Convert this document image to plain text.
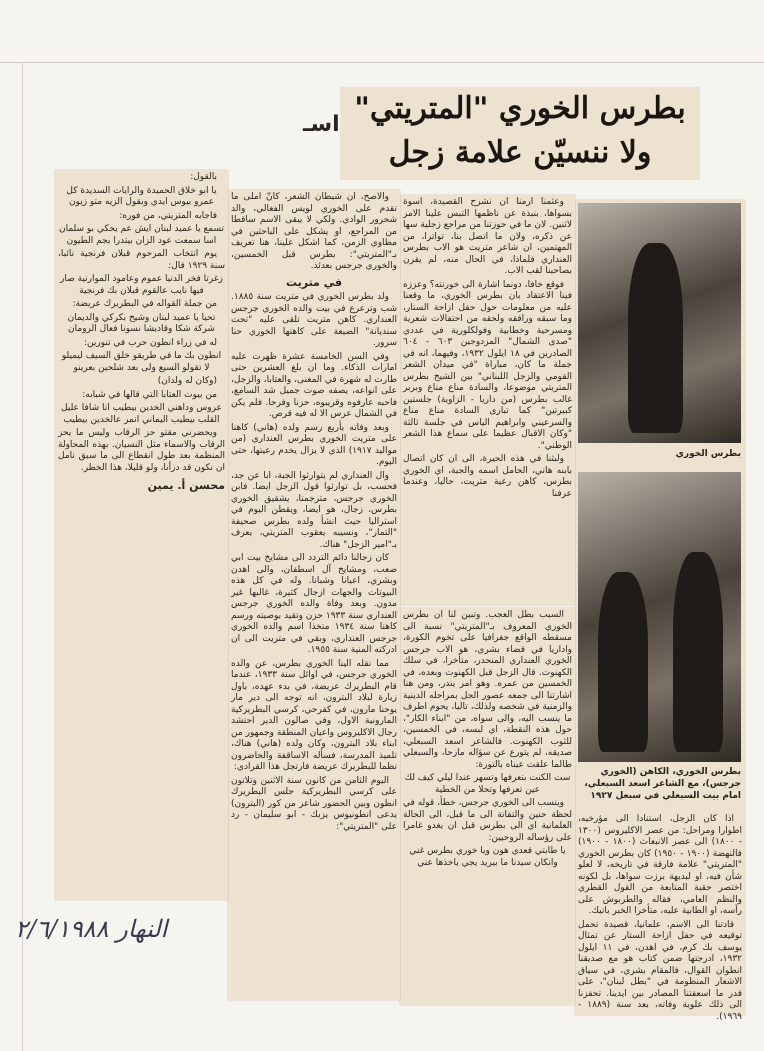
اسـ بطرس الخوري "المتريتي"
ولا ننسيّن علامة زجل
بطرس الخوري
بطرس الخوري، الكاهن (الخوري جرجس)، مع الشاعر اسعد السبعلي، امام بيت السبعلي في سبعل ١٩٢٧

اذا كان الزجل، استنادا الى مؤرخيه، اطوارا ومراحل: من عصر الاكليروس (١٣٠٠ - ١٨٠٠) الى عصر الانبعاث (١٨٠٠ - ١٩٠٠) فالنهضة (١٩٠٠ - ١٩٥٠) كان بطرس الخوري "المتريتي" علامة فارقة في تاريخه، لا لعلو شأن فيه، او لبديهة برزت سواها، بل لكونه اختصر حقبة المتابعة من القول القطري والنظم العامي، فقاله والطربوش على رأسه، او الطابية عليه، متأخرا الخبر باتيك.

قادتنا الى الاسم، علمانيا، قصيدة تحمل توقيعه في حفل ازاحة الستار عن تمثال يوسف بك كرم، في اهدن، في ١١ ايلول ١٩٣٢، ادرجتها ضمن كتاب هو مع صديقنا انطوان القوال، فالمقام بشري، في سياق الاشعار المنظومة في "بطل لبنان"، على قدر ما اسعفتنا المصادر بين ايدينا. تحفزنا الى ذلك علوية وفاته، بعد سنة (١٨٨٩ - ١٩٦٩).

وعثمنا ارمنا ان نشرح القصيدة، اسوة بسواها، بنبذة عن ناظمها التبس علينا الامر لاثنين. لان ما في حوزتنا من مراجع زجلية سها عن ذكره، ولان ما اتصل بنا، تواترا، من المهتمين، ان شاعر متريت هو الاب بطرس العنداري فلماذا، في الحال منه، لم يقرن بصاحبنا لقب الاب.

فوقع خافا، دونما اشارة الى خورنته؟ وعززه فينا الاعتقاد بان بطرس الخوري، ما وقعنا عليه من معلومات حول حفل ازاحة الستار، وما سبقه ورافقه ولحقه من احتفالات شعرية ومسرحية وخطابية وفولكلورية في عددي "صدى الشمال" المزدوجين ٦٠٣ - ٦٠٤ الصادرين في ١٨ ايلول ١٩٣٢، وفيهما، انه في جملة ما كان، مباراة "في ميدان الشعر القومي والزجل اللبناني" بين الشيخ بطرس المتريتي موضوعا، والسادة مناع مناع وبربر غالب بطرس (من داريا - الزاوية) جلستين كبيرتين" كما تبارى السادة مناع مناع والسرعيني وابراهيم الياس في جلسة ثالثة "وكان الاقبال عظيما على سماع هذا الشعر الوطني".

ولبثنا في هذه الحيرة، الى ان كان اتصال بابنه هاني، الحامل اسمه والجبة، اي الخوري بطرس، كاهن رعية متريت، حاليا، وعندما عرفنا

السبب بطل العجب. وتبين لنا ان بطرس الخوري المعروف بـ"المتريتي" نسبة الى مسقطه الواقع جغرافيا على تخوم الكورة، واداريا في قضاء بشري، هو الاب جرجس الخوري العنداري المنحدر، متأخرا، في سلك الكهنوت. قال الزجل قبل الكهنوت وبعده، في الخمسين من عمره. وهو امر يندر، ومن هنا اشارتنا الى جمعه عصور الجل بمراحله الدينية والزمنية في شخصه ولذلك، تاليا، يحوم اطرف ما ينسب اليه، والى سواه، من "ابناء الكار"، حول هذه النقطة، اي لبسه، في الخمسين، للثوب الكهنوت. فالشاعر اسعد السبعلي، صديقه، لم يتورع عن سؤاله مازحا، والسبعلي طالما علقت عيناه بالتورة:

ست الكنت بتعرفها وتسهر عندا ليلي كيف لك عين تعرفها وتحلا من الخطية

وينسب الى الخوري جرجس، خطأ، قوله في لحظة حنين والتفاتة الى ما قبل، الى الحالة العلمانية اي الى بطرس قبل ان يغدو غامرا على رؤساله الروحيين:

يا طابتي قعدي هون ويا خوري بطرس غني وانكان سيدنا ما بيريد يجي ياخذها عني

والاصح، ان شيطان الشعر، كانّ املى ما تقدم على الخوري لويس الفغالي، والد شحرور الوادي. ولكي لا يبقى الاسم ساقطا من المراجع، او يشكل على الباحثين في مطاوي الزمن، كما اشكل علينا، هنا تعريف بـ"المتريتي": بطرس قبل الخمسين، والخوري جرجس بعدئذ.

في متريت

ولد بطرس الخوري في متريت سنة ١٨٨٥. شب وترعرع في بيت والده الخوري جرجس العنداري. كاهن متريت تلقى عليه "تحت سنديانة" الضيعة على كاهنها الخوري حنا سرور.

وفي السن الخامسة عشرة ظهرت عليه امارات الذكاء. وما ان بلغ العشرين حتى طارت له شهرة في المغنى، والعتابا، والزجل، على انواعه، يصفه صوت جميل شد السامع، فاحبه عارفوه وقريبوه، حزنا وفرحا. فلم يكن في الشمال عرس الا له فيه قرص.

وبعد وفاته بأربع رسم ولده (هاني) كاهنا على متريت الخوري بطرس العنداري (من مواليد ١٩١٧) الذي لا يزال يخدم رعيتها، حتى اليوم.

وال العنداري لم يتوارثوا الجبة، ابا عن جد، فحسب، بل توارثوا قول الزجل ايضا. فابن الخوري جرجس، مترجمنا، يشقيق الخوري بطرس، زجال، هو ايضا، ويقطن اليوم في استراليا حيث انشأ ولده بطرس صحيفة "التمار"، ونسيبه يعقوب المتريتي، يعرف بـ"امير الزجل" هناك.

كان زجالنا دائم التردد الى مشايخ بيت ابي صعب، ومشايخ آل اسطفان، والى اهدن وبشري، اعيانا وشبانا. وله في كل هذه البيوتات والجهات ازجال كثيرة، غالبها غير مدون. وبعد وفاة والده الخوري جرجس العنداري سنة ١٩٣٣ حزن وتقيد بوصيته ورسم كاهنا سنة ١٩٣٤ متخذا اسم والده الخوري جرجس العنداري، وبقي في متريت الى ان ادركته المنية سنة ١٩٥٥.

مما نقله الينا الخوري بطرس، عن والده الخوري جرجس، في اوائل سنة ١٩٣٣، عندما قام البطريرك عريضة، في بدء عهده، باول زيارة لبلاد البترون، انه توجه الى دير مار يوحنا مارون، في كفرحي، كرسي البطريركية المارونية الاول، وفي صالون الدير احتشد رجال الاكليروس واعيان المنطقة وجمهور من ابناء بلاد البترون، وكان ولده (هاني) هناك، تلميذ المدرسة، فسأله الاساقفة والحاضرون نظما للبطريرك عريضة فارتجل هذا القرادي:

اليوم الثامن من كانون سنة الاثنين وتلاتون على كرسي البطريركية جلس البطريرك انطون وبين الحضور شاعر من كور (البترون) يدعى انطونيوس يزبك - ابو سليمان - رد على "المتريتي":

بالقول:

يا ابو خلاق الحميدة والرايات السديدة كل عمرو بيوس ايدي وبقول الزيه متو زيون

فاجابه المتريتي، من فوره:

تسمع يا عميد لبنان ايش عم يحكي بو سلمان اسا سمعت عود الزان بيتدرا بجم الطيون

يوم انتخاب المرحوم قبلان فرنجية نائبا، سنة ١٩٢٩ قال:

زغرتا فخر الدنيا عموم وعامود الموارنية صار فيها نايب عالقوم قبلان بك فرنجية

من جملة القواله في البطريرك عريضة:

تحيا يا عميد لبنان وشيخ بكركي والديمان شركة شكا وقاديشا نسونا فعال الرومان

له في زراء انطون حرب في تنورين:

انطون بك ما في طريقو خلق السيف ليميلو لا تقولو السيع ولى بعد شلحين بعرينو

(وكان له ولدان)

من بيوت العتابا التي قالها في شبابه:

عروس وداهني الخدين بيطيب انا شافا عليل القلب بيطيب اليماني انمر عالخدين بيطيب

ويحضرني مقتو حز الرقاب وليس ما يحز الرقاب والاسماء مثل النسيان. بهذه المحاولة المنظمة بعد طول انقطاع الى ما سبق نامل ان نكون قد درأنا، ولو قليلا، هذا الخطر.

محسن أ. يمين
النهار ٢/٦/١٩٨٨
